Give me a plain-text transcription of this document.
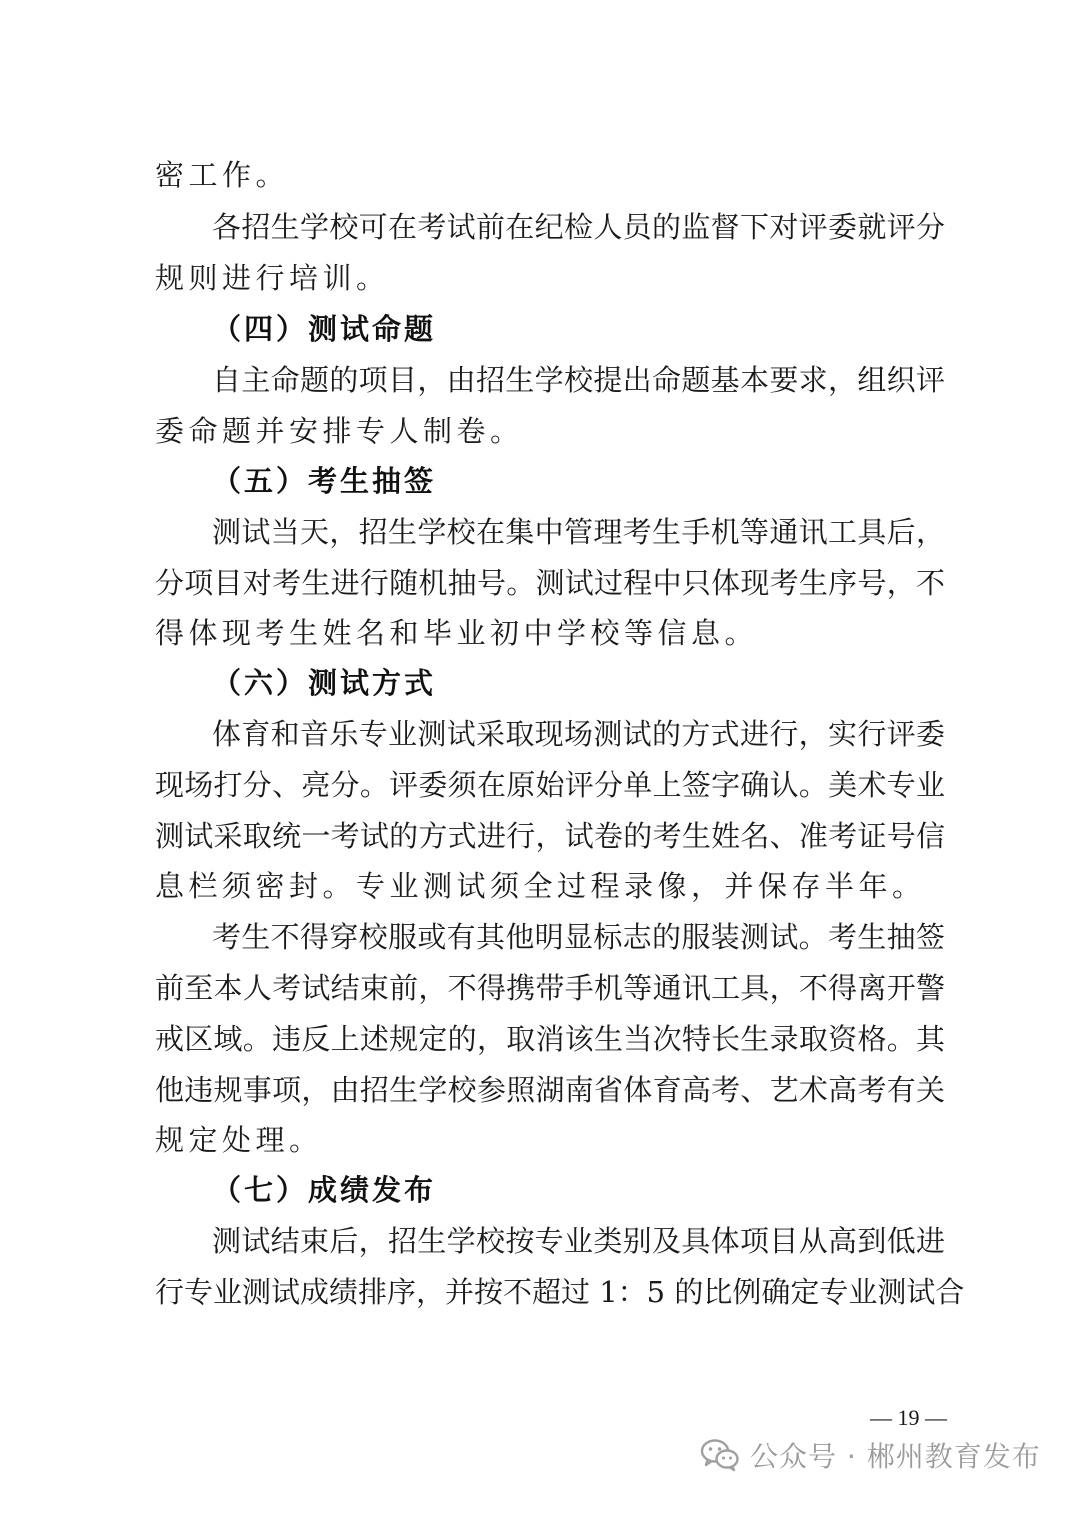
密工作。
各招生学校可在考试前在纪检人员的监督下对评委就评分
规则进行培训。
（四）测试命题
自主命题的项目，由招生学校提出命题基本要求，组织评
委命题并安排专人制卷。
（五）考生抽签
测试当天，招生学校在集中管理考生手机等通讯工具后，
分项目对考生进行随机抽号。测试过程中只体现考生序号，不
得体现考生姓名和毕业初中学校等信息。
（六）测试方式
体育和音乐专业测试采取现场测试的方式进行，实行评委
现场打分、亮分。评委须在原始评分单上签字确认。美术专业
测试采取统一考试的方式进行，试卷的考生姓名、准考证号信
息栏须密封。专业测试须全过程录像，并保存半年。
考生不得穿校服或有其他明显标志的服装测试。考生抽签
前至本人考试结束前，不得携带手机等通讯工具，不得离开警
戒区域。违反上述规定的，取消该生当次特长生录取资格。其
他违规事项，由招生学校参照湖南省体育高考、艺术高考有关
规定处理。
（七）成绩发布
测试结束后，招生学校按专业类别及具体项目从高到低进
行专业测试成绩排序，并按不超过 1：5 的比例确定专业测试合
— 19 —
公众号 · 郴州教育发布
